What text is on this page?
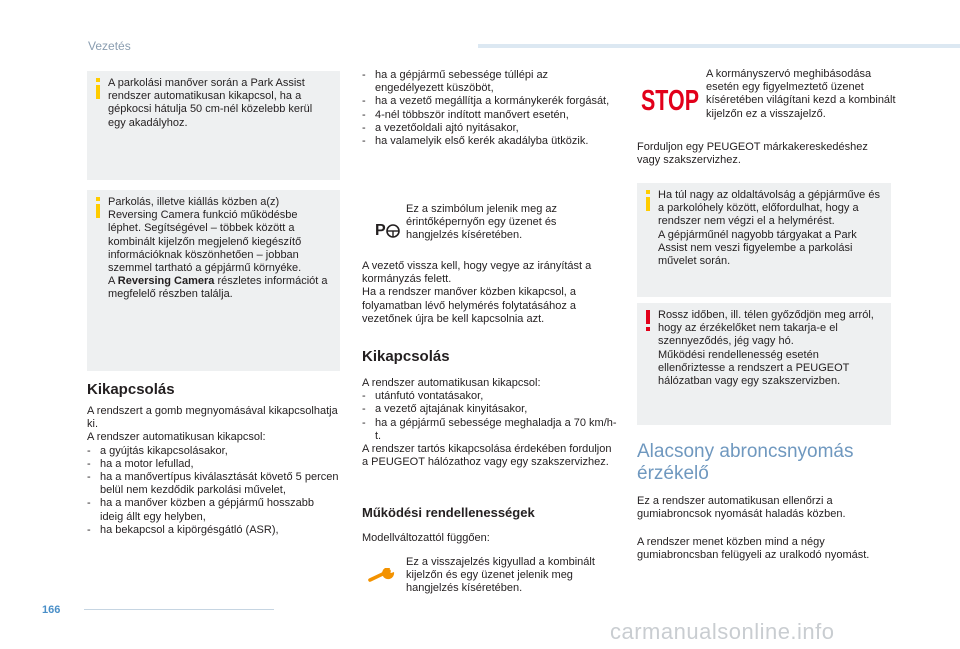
Vezetés
166
carmanualsonline.info

A parkolási manőver során a Park Assist rendszer automatikusan kikapcsol, ha a gépkocsi hátulja 50 cm-nél közelebb kerül egy akadályhoz.

Parkolás, illetve kiállás közben a(z) Reversing Camera funkció működésbe léphet. Segítségével – többek között a kombinált kijelzőn megjelenő kiegészítő információknak köszönhetően – jobban szemmel tartható a gépjármű környéke.

A Reversing Camera részletes információt a megfelelő részben találja.

Kikapcsolás

A rendszert a gomb megnyomásával kikapcsolhatja ki.

A rendszer automatikusan kikapcsol:

- a gyújtás kikapcsolásakor,
- ha a motor lefullad,
- ha a manővertípus kiválasztását követő 5 percen belül nem kezdődik parkolási művelet,
- ha a manőver közben a gépjármű hosszabb ideig állt egy helyben,
- ha bekapcsol a kipörgésgátló (ASR),
- ha a gépjármű sebessége túllépi az engedélyezett küszöböt,
- ha a vezető megállítja a kormánykerék forgását,
- 4-nél többször indított manővert esetén,
- a vezetőoldali ajtó nyitásakor,
- ha valamelyik első kerék akadályba ütközik.
P

Ez a szimbólum jelenik meg az érintőképernyőn egy üzenet és hangjelzés kíséretében.

A vezető vissza kell, hogy vegye az irányítást a kormányzás felett.

Ha a rendszer manőver közben kikapcsol, a folyamatban lévő helymérés folytatásához a vezetőnek újra be kell kapcsolnia azt.

Kikapcsolás

A rendszer automatikusan kikapcsol:

- utánfutó vontatásakor,
- a vezető ajtajának kinyitásakor,
- ha a gépjármű sebessége meghaladja a 70 km/h-t.

A rendszer tartós kikapcsolása érdekében forduljon a PEUGEOT hálózathoz vagy egy szakszervizhez.

Működési rendellenességek

Modellváltozattól függően:

Ez a visszajelzés kigyullad a kombinált kijelzőn és egy üzenet jelenik meg hangjelzés kíséretében.

STOP

A kormányszervó meghibásodása esetén egy figyelmeztető üzenet kíséretében világítani kezd a kombinált kijelzőn ez a visszajelző.

Forduljon egy PEUGEOT márkakereskedéshez vagy szakszervizhez.

Ha túl nagy az oldaltávolság a gépjárműve és a parkolóhely között, előfordulhat, hogy a rendszer nem végzi el a helymérést.

A gépjárműnél nagyobb tárgyakat a Park Assist nem veszi figyelembe a parkolási művelet során.

Rossz időben, ill. télen győződjön meg arról, hogy az érzékelőket nem takarja-e el szennyeződés, jég vagy hó.

Működési rendellenesség esetén ellenőriztesse a rendszert a PEUGEOT hálózatban vagy egy szakszervizben.

Alacsony abroncsnyomás érzékelő

Ez a rendszer automatikusan ellenőrzi a gumiabroncsok nyomását haladás közben.

A rendszer menet közben mind a négy gumiabroncsban felügyeli az uralkodó nyomást.
